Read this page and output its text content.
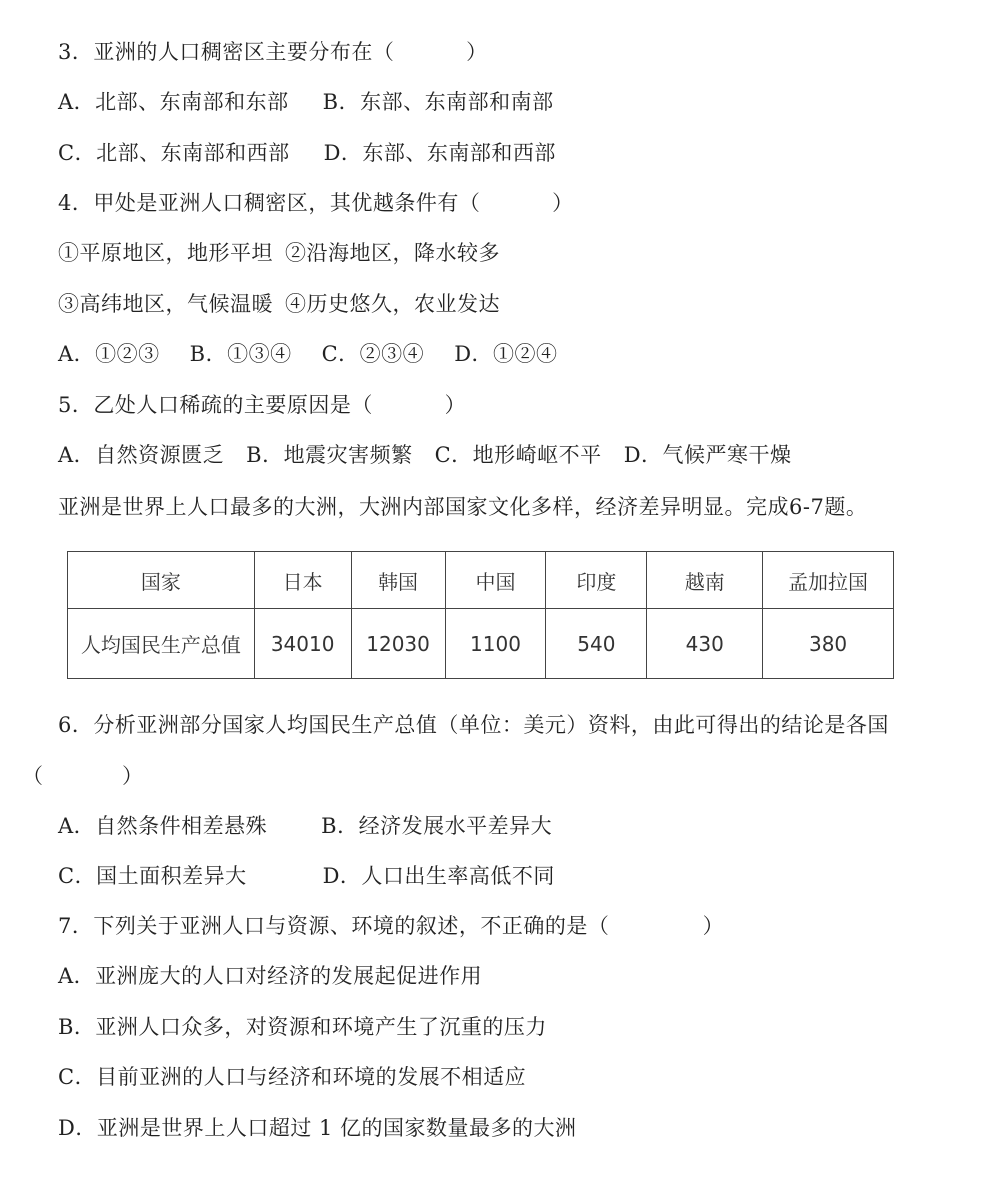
3．亚洲的人口稠密区主要分布在（          ）
A．北部、东南部和东部 B．东部、东南部和南部
C．北部、东南部和西部 D．东部、东南部和西部
4．甲处是亚洲人口稠密区，其优越条件有（          ）
①平原地区，地形平坦 ②沿海地区，降水较多
③高纬地区，气候温暖 ④历史悠久，农业发达
A．①②③ B．①③④ C．②③④ D．①②④
5．乙处人口稀疏的主要原因是（          ）
A．自然资源匮乏 B．地震灾害频繁 C．地形崎岖不平 D．气候严寒干燥
亚洲是世界上人口最多的大洲，大洲内部国家文化多样，经济差异明显。完成6-7题。
国家	日本	韩国	中国	印度	越南	孟加拉国
人均国民生产总值	34010	12030	1100	540	430	380
6．分析亚洲部分国家人均国民生产总值（单位：美元）资料，由此可得出的结论是各国
（	）
A．自然条件相差悬殊	B．经济发展水平差异大
C．国土面积差异大	D．人口出生率高低不同
7．下列关于亚洲人口与资源、环境的叙述，不正确的是（             ）
A．亚洲庞大的人口对经济的发展起促进作用
B．亚洲人口众多，对资源和环境产生了沉重的压力
C．目前亚洲的人口与经济和环境的发展不相适应
D．亚洲是世界上人口超过 1 亿的国家数量最多的大洲
